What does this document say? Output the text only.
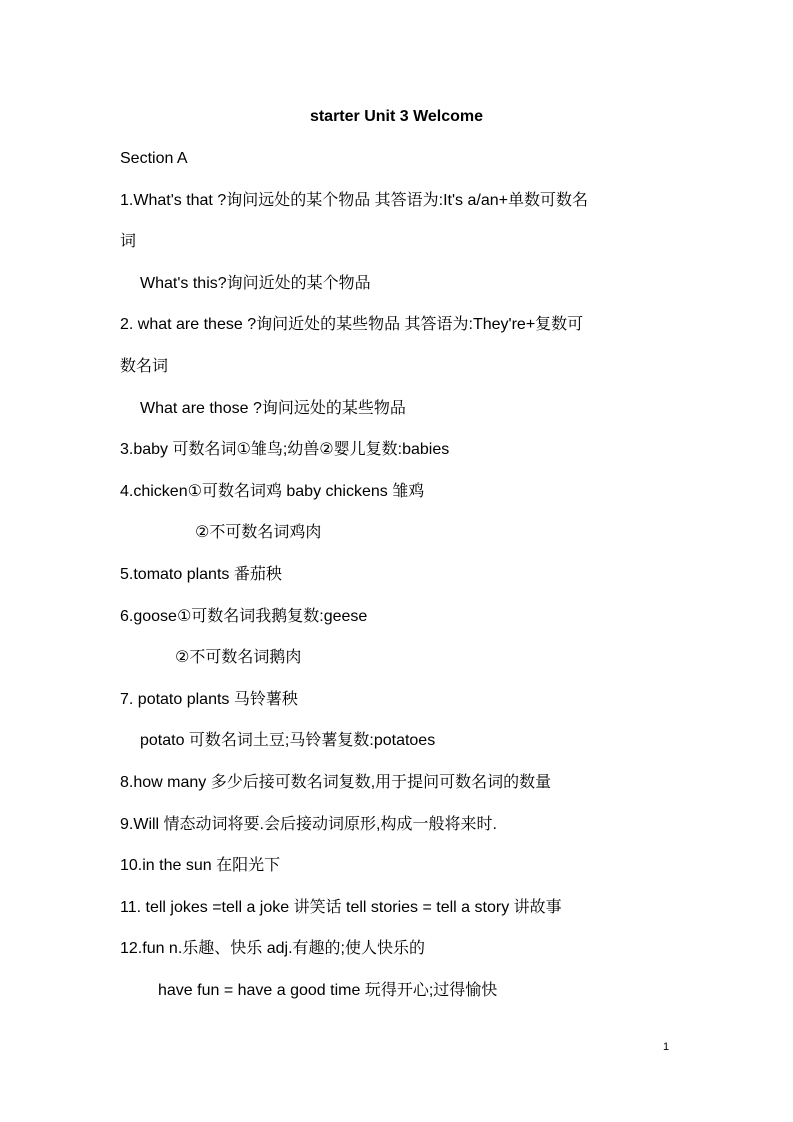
starter Unit 3 Welcome
Section A
1.What's that ?询问远处的某个物品 其答语为:It's a/an+单数可数名
词
What's this?询问近处的某个物品
2. what are these ?询问近处的某些物品 其答语为:They're+复数可
数名词
What are those ?询问远处的某些物品
3.baby 可数名词①雏鸟;幼兽②婴儿复数:babies
4.chicken①可数名词鸡 baby chickens 雏鸡
②不可数名词鸡肉
5.tomato plants 番茄秧
6.goose①可数名词我鹅复数:geese
②不可数名词鹅肉
7. potato plants 马铃薯秧
potato 可数名词土豆;马铃薯复数:potatoes
8.how many 多少后接可数名词复数,用于提问可数名词的数量
9.Will 情态动词将要.会后接动词原形,构成一般将来时.
10.in the sun 在阳光下
11. tell jokes =tell a joke 讲笑话 tell stories = tell a story 讲故事
12.fun n.乐趣、快乐 adj.有趣的;使人快乐的
have fun = have a good time 玩得开心;过得愉快
1
